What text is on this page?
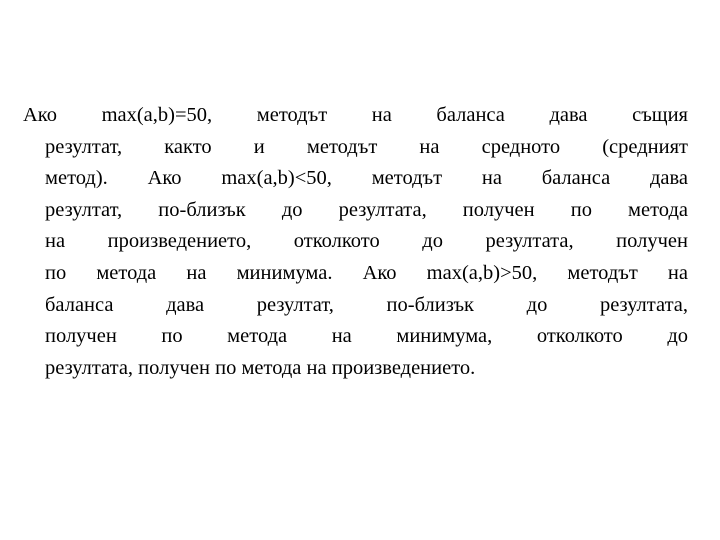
Ако max(a,b)=50, методът на баланса дава същия
резултат, както и методът на средното (средният
метод). Ако max(a,b)<50, методът на баланса дава
резултат, по-близък до резултата, получен по метода
на произведението, отколкото до резултата, получен
по метода на минимума. Ако max(a,b)>50, методът на
баланса дава резултат, по-близък до резултата,
получен по метода на минимума, отколкото до
резултата, получен по метода на произведението.
